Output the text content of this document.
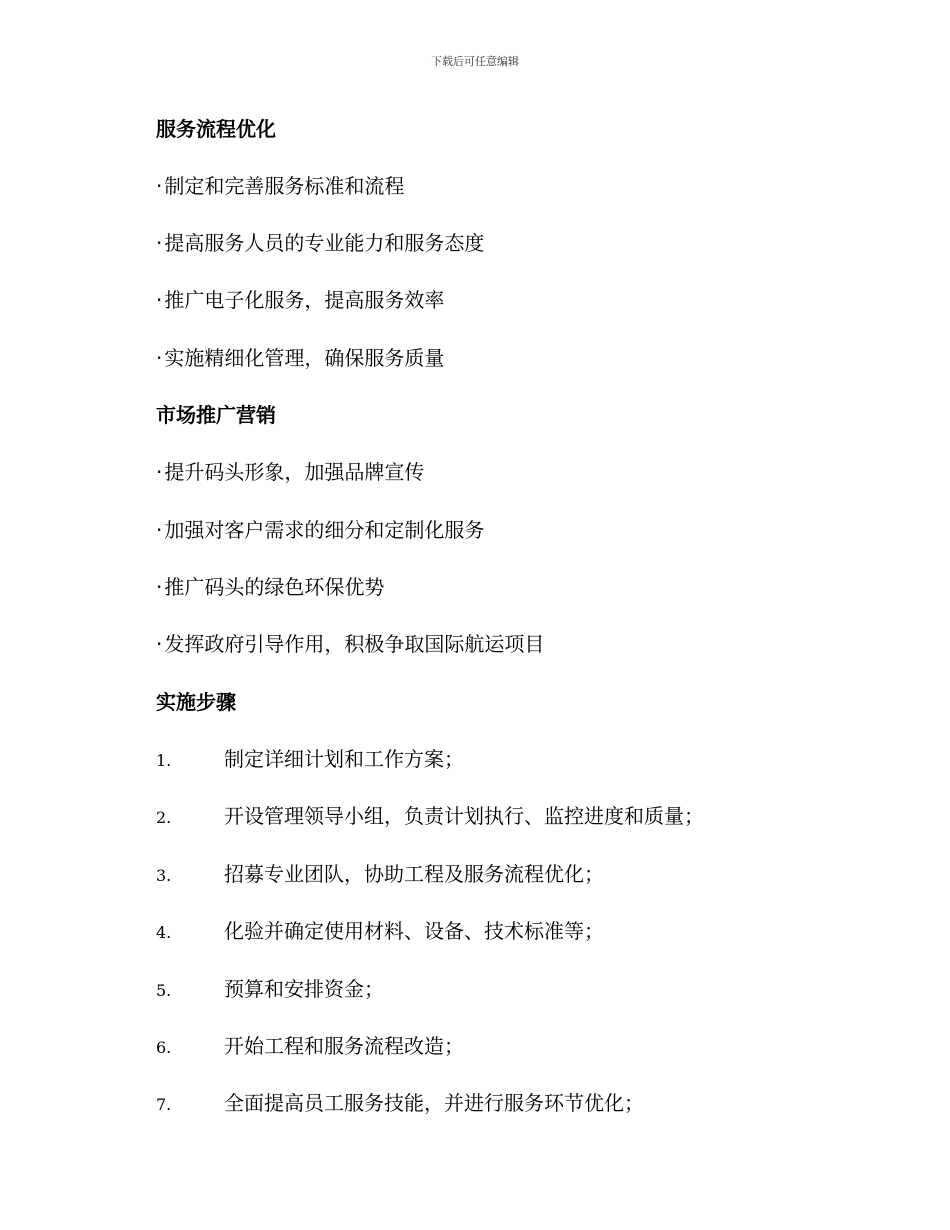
下载后可任意编辑
服务流程优化
· 制定和完善服务标准和流程
· 提高服务人员的专业能力和服务态度
· 推广电子化服务，提高服务效率
· 实施精细化管理，确保服务质量
市场推广营销
· 提升码头形象，加强品牌宣传
· 加强对客户需求的细分和定制化服务
· 推广码头的绿色环保优势
· 发挥政府引导作用，积极争取国际航运项目
实施步骤
1.	制定详细计划和工作方案；
2.	开设管理领导小组，负责计划执行、监控进度和质量；
3.	招募专业团队，协助工程及服务流程优化；
4.	化验并确定使用材料、设备、技术标准等；
5.	预算和安排资金；
6.	开始工程和服务流程改造；
7.	全面提高员工服务技能，并进行服务环节优化；
